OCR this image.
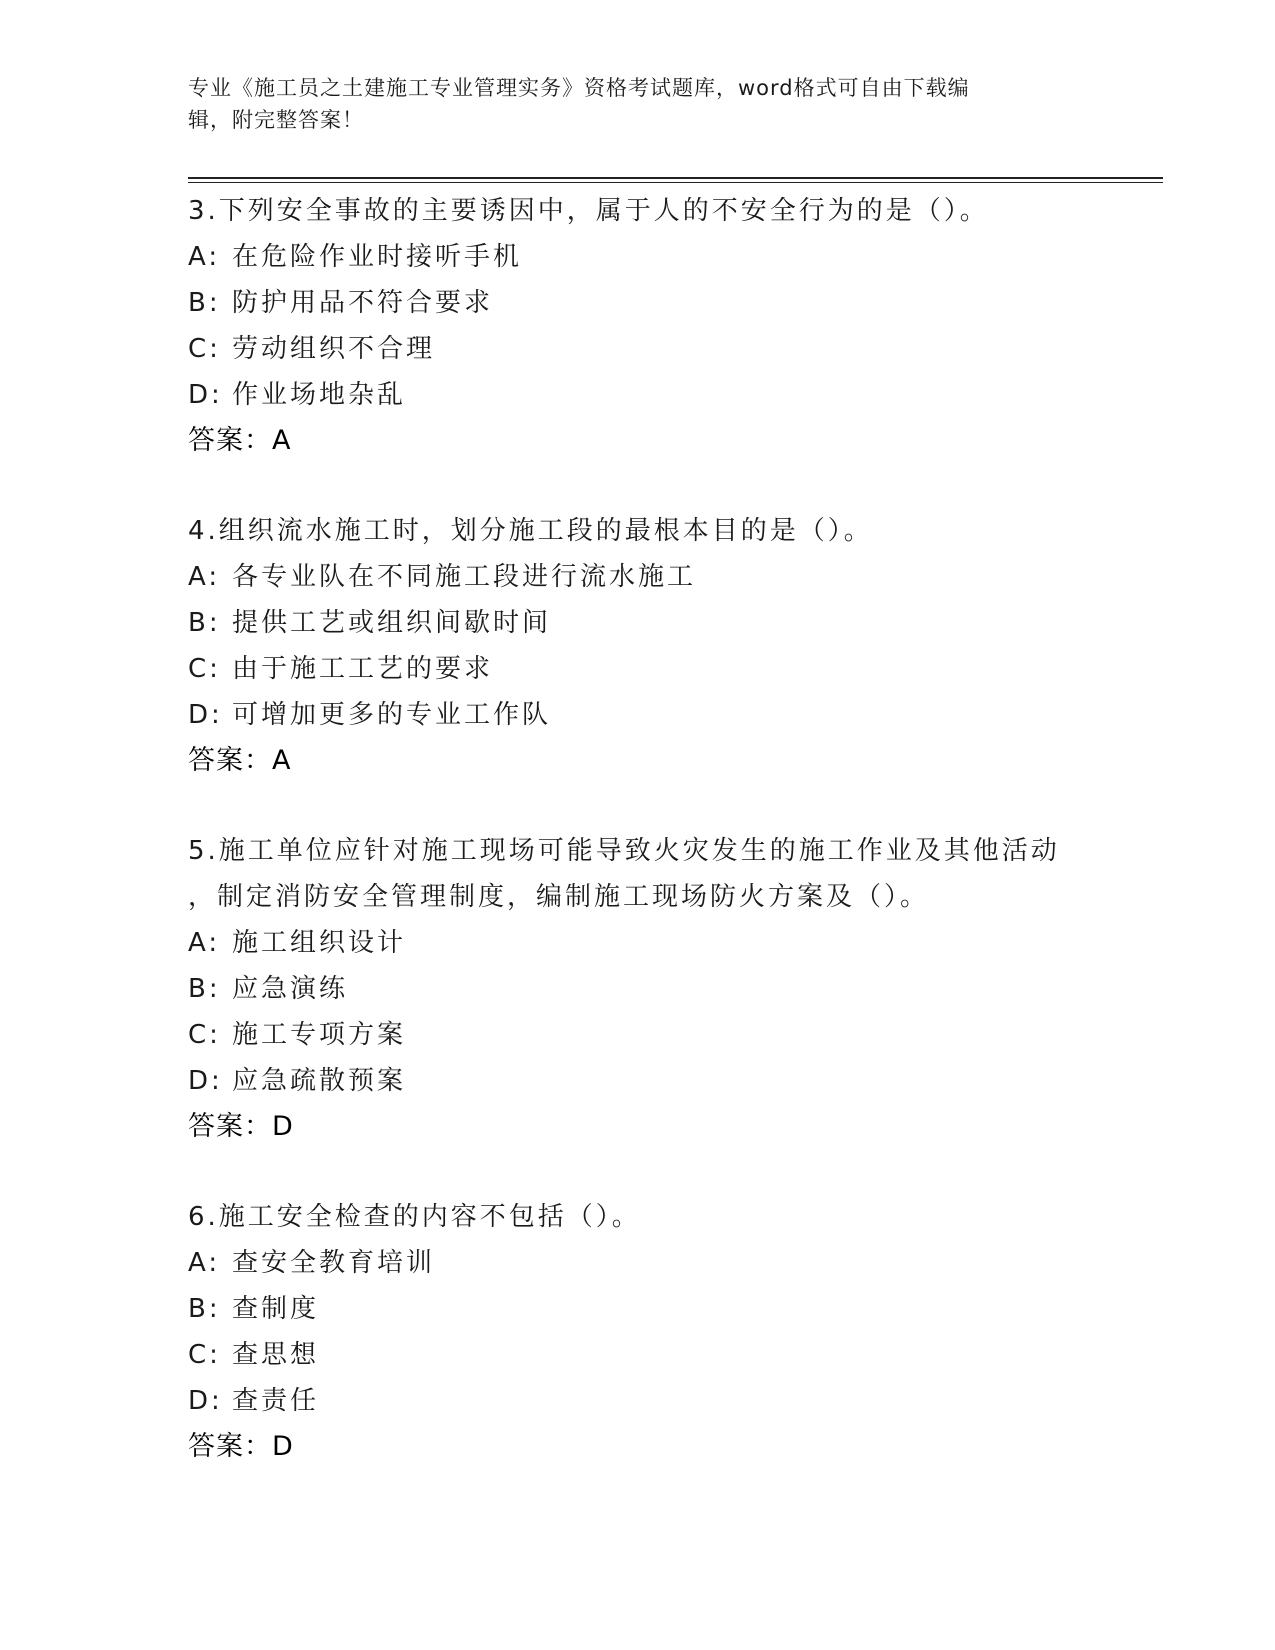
专业《施工员之土建施工专业管理实务》资格考试题库，word格式可自由下载编
辑，附完整答案！

3.下列安全事故的主要诱因中，属于人的不安全行为的是（）。

A: 在危险作业时接听手机

B: 防护用品不符合要求

C: 劳动组织不合理

D: 作业场地杂乱

答案：A

4.组织流水施工时，划分施工段的最根本目的是（）。

A: 各专业队在不同施工段进行流水施工

B: 提供工艺或组织间歇时间

C: 由于施工工艺的要求

D: 可增加更多的专业工作队

答案：A

5.施工单位应针对施工现场可能导致火灾发生的施工作业及其他活动

，制定消防安全管理制度，编制施工现场防火方案及（）。

A: 施工组织设计

B: 应急演练

C: 施工专项方案

D: 应急疏散预案

答案：D

6.施工安全检查的内容不包括（）。

A: 查安全教育培训

B: 查制度

C: 查思想

D: 查责任

答案：D
